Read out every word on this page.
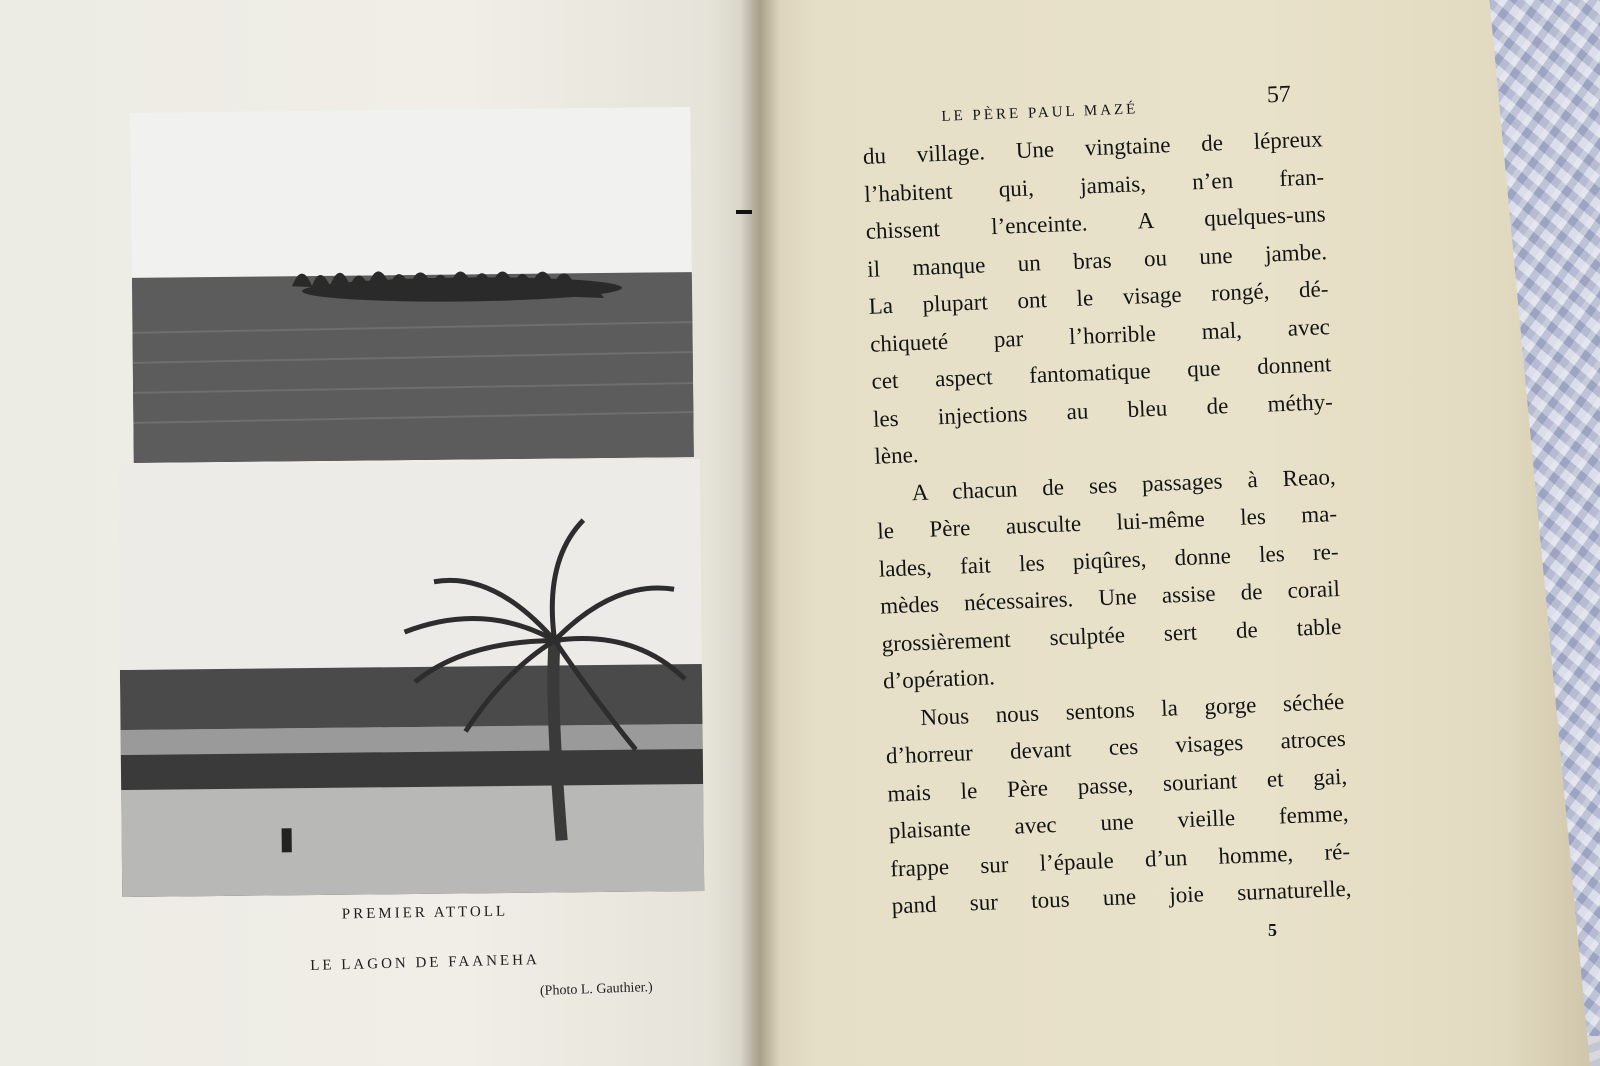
PREMIER ATTOLL
LE LAGON DE FAANEHA
(Photo L. Gauthier.)
LE PÈRE PAUL MAZÉ
57
du village. Une vingtaine de lépreux
l’habitent qui, jamais, n’en fran-
chissent l’enceinte. A quelques-uns
il manque un bras ou une jambe.
La plupart ont le visage rongé, dé-
chiqueté par l’horrible mal, avec
cet aspect fantomatique que donnent
les injections au bleu de méthy-
lène.
A chacun de ses passages à Reao,
le Père ausculte lui-même les ma-
lades, fait les piqûres, donne les re-
mèdes nécessaires. Une assise de corail
grossièrement sculptée sert de table
d’opération.
Nous nous sentons la gorge séchée
d’horreur devant ces visages atroces
mais le Père passe, souriant et gai,
plaisante avec une vieille femme,
frappe sur l’épaule d’un homme, ré-
pand sur tous une joie surnaturelle,
5
